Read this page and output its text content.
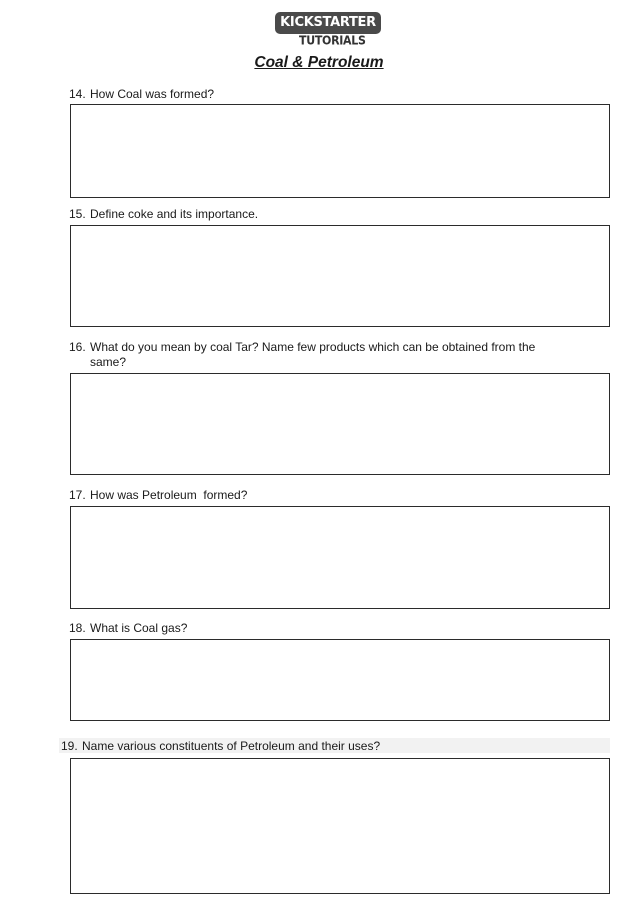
KICKSTARTER
TUTORIALS
Coal & Petroleum
14. How Coal was formed?
15. Define coke and its importance.
16. What do you mean by coal Tar? Name few products which can be obtained from the
same?
17. How was Petroleum  formed?
18. What is Coal gas?
19. Name various constituents of Petroleum and their uses?
